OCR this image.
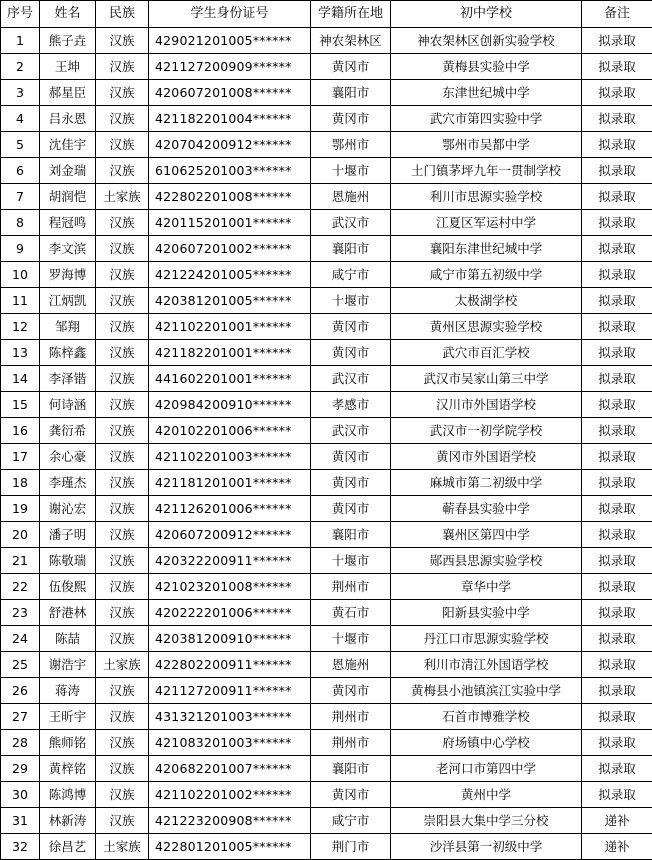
序号	姓名	民族	学生身份证号	学籍所在地	初中学校	备注
1	熊子垚	汉族	429021201005******	神农架林区	神农架林区创新实验学校	拟录取
2	王坤	汉族	421127200909******	黄冈市	黄梅县实验中学	拟录取
3	郝星臣	汉族	420607201008******	襄阳市	东津世纪城中学	拟录取
4	吕永恩	汉族	421182201004******	黄冈市	武穴市第四实验中学	拟录取
5	沈佳宇	汉族	420704200912******	鄂州市	鄂州市吴都中学	拟录取
6	刘金瑞	汉族	610625201003******	十堰市	土门镇茅坪九年一贯制学校	拟录取
7	胡润恺	土家族	422802201008******	恩施州	利川市思源实验学校	拟录取
8	程冠鸣	汉族	420115201001******	武汉市	江夏区军运村中学	拟录取
9	李文滨	汉族	420607201002******	襄阳市	襄阳东津世纪城中学	拟录取
10	罗海博	汉族	421224201005******	咸宁市	咸宁市第五初级中学	拟录取
11	江炳凯	汉族	420381201005******	十堰市	太极湖学校	拟录取
12	邹翔	汉族	421102201001******	黄冈市	黄州区思源实验学校	拟录取
13	陈梓鑫	汉族	421182201001******	黄冈市	武穴市百汇学校	拟录取
14	李泽锴	汉族	441602201001******	武汉市	武汉市吴家山第三中学	拟录取
15	何诗涵	汉族	420984200910******	孝感市	汉川市外国语学校	拟录取
16	龚衍希	汉族	420102201006******	武汉市	武汉市一初学院学校	拟录取
17	余心豪	汉族	421102201003******	黄冈市	黄冈市外国语学校	拟录取
18	李瑾杰	汉族	421181201001******	黄冈市	麻城市第二初级中学	拟录取
19	谢沁宏	汉族	421126201006******	黄冈市	蕲春县实验中学	拟录取
20	潘子明	汉族	420607200912******	襄阳市	襄州区第四中学	拟录取
21	陈敬瑞	汉族	420322200911******	十堰市	郧西县思源实验学校	拟录取
22	伍俊熙	汉族	421023201008******	荆州市	章华中学	拟录取
23	舒港林	汉族	420222201006******	黄石市	阳新县实验中学	拟录取
24	陈喆	汉族	420381200910******	十堰市	丹江口市思源实验学校	拟录取
25	谢浩宇	土家族	422802200911******	恩施州	利川市清江外国语学校	拟录取
26	蒋涛	汉族	421127200911******	黄冈市	黄梅县小池镇滨江实验中学	拟录取
27	王昕宇	汉族	431321201003******	荆州市	石首市博雅学校	拟录取
28	熊师铭	汉族	421083201003******	荆州市	府场镇中心学校	拟录取
29	黄梓铭	汉族	420682201007******	襄阳市	老河口市第四中学	拟录取
30	陈鸿博	汉族	421102201002******	黄冈市	黄州中学	拟录取
31	林新涛	汉族	421223200908******	咸宁市	崇阳县大集中学三分校	递补
32	徐昌艺	土家族	422801201005******	荆门市	沙洋县第一初级中学	递补
